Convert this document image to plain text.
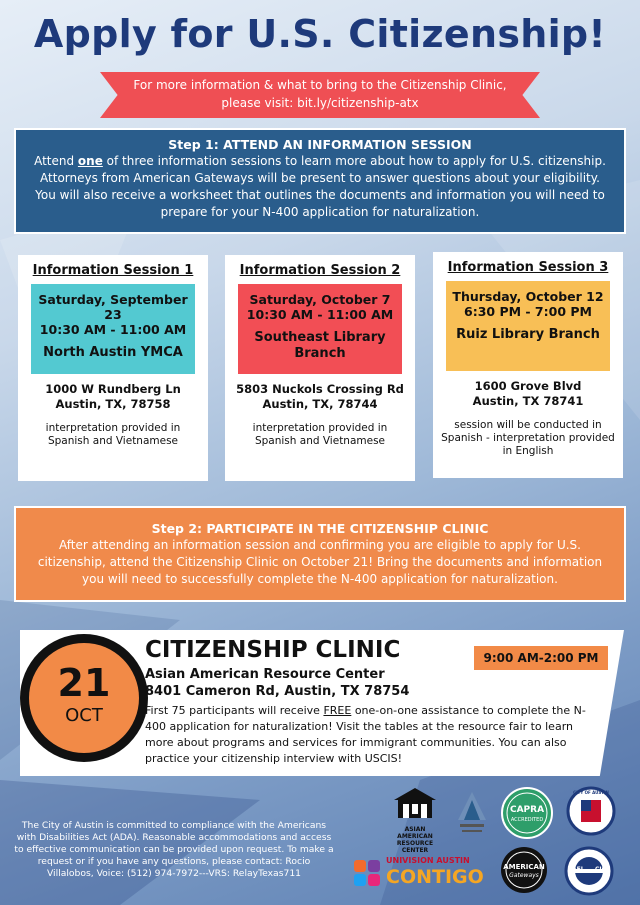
Apply for U.S. Citizenship!
For more information & what to bring to the Citizenship Clinic,
please visit: bit.ly/citizenship-atx
Step 1: ATTEND AN INFORMATION SESSION
Attend one of three information sessions to learn more about how to apply for U.S. citizenship. Attorneys from American Gateways will be present to answer questions about your eligibility. You will also receive a worksheet that outlines the documents and information you will need to prepare for your N-400 application for naturalization.
Information Session 1
Saturday, September 23
10:30 AM - 11:00 AM
North Austin YMCA
1000 W Rundberg Ln
Austin, TX, 78758
interpretation provided in Spanish and Vietnamese
Information Session 2
Saturday, October 7
10:30 AM - 11:00 AM
Southeast Library Branch
5803 Nuckols Crossing Rd
Austin, TX, 78744
interpretation provided in Spanish and Vietnamese
Information Session 3
Thursday, October 12
6:30 PM - 7:00 PM
Ruiz Library Branch
1600 Grove Blvd
Austin, TX 78741
session will be conducted in Spanish - interpretation provided in English
Step 2: PARTICIPATE IN THE CITIZENSHIP CLINIC
After attending an information session and confirming you are eligible to apply for U.S. citizenship, attend the Citizenship Clinic on October 21! Bring the documents and information you will need to successfully complete the N-400 application for naturalization.
21
OCT
CITIZENSHIP CLINIC	9:00 AM-2:00 PM
Asian American Resource Center
8401 Cameron Rd, Austin, TX 78754
First 75 participants will receive FREE one-on-one assistance to complete the N-400 application for naturalization! Visit the tables at the resource fair to learn more about programs and services for immigrant communities. You can also practice your citizenship interview with USCIS!
The City of Austin is committed to compliance with the Americans with Disabilities Act (ADA). Reasonable accommodations and access to effective communication can be provided upon request. To make a request or if you have any questions, please contact: Rocio Villalobos, Voice: (512) 974-7972---VRS: RelayTexas711
ASIAN AMERICAN RESOURCE CENTER
CAPRA
ACCREDITED
CITY OF AUSTIN
UNIVISION AUSTIN
CONTIGO	AMERICAN
Gateways
AFL CIO
